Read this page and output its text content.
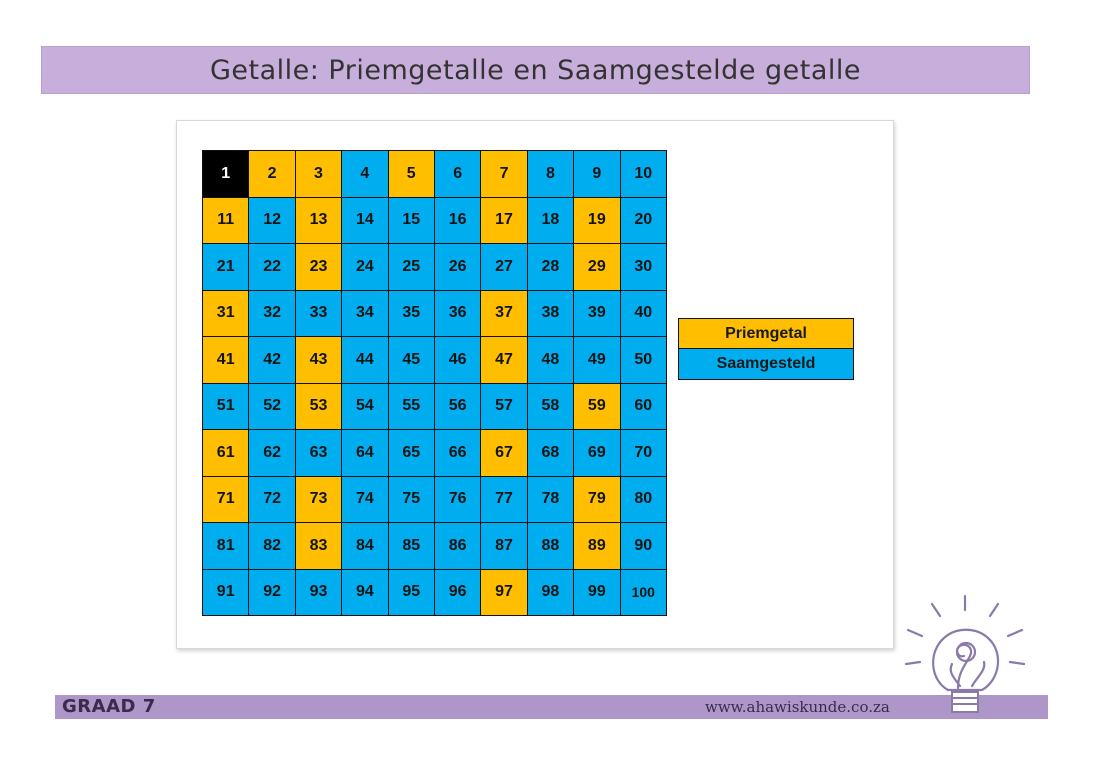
Getalle: Priemgetalle en Saamgestelde getalle
1	2	3	4	5	6	7	8	9	10
11	12	13	14	15	16	17	18	19	20
21	22	23	24	25	26	27	28	29	30
31	32	33	34	35	36	37	38	39	40
41	42	43	44	45	46	47	48	49	50
51	52	53	54	55	56	57	58	59	60
61	62	63	64	65	66	67	68	69	70
71	72	73	74	75	76	77	78	79	80
81	82	83	84	85	86	87	88	89	90
91	92	93	94	95	96	97	98	99	100
Priemgetal
Saamgesteld
GRAAD 7	www.ahawiskunde.co.za
